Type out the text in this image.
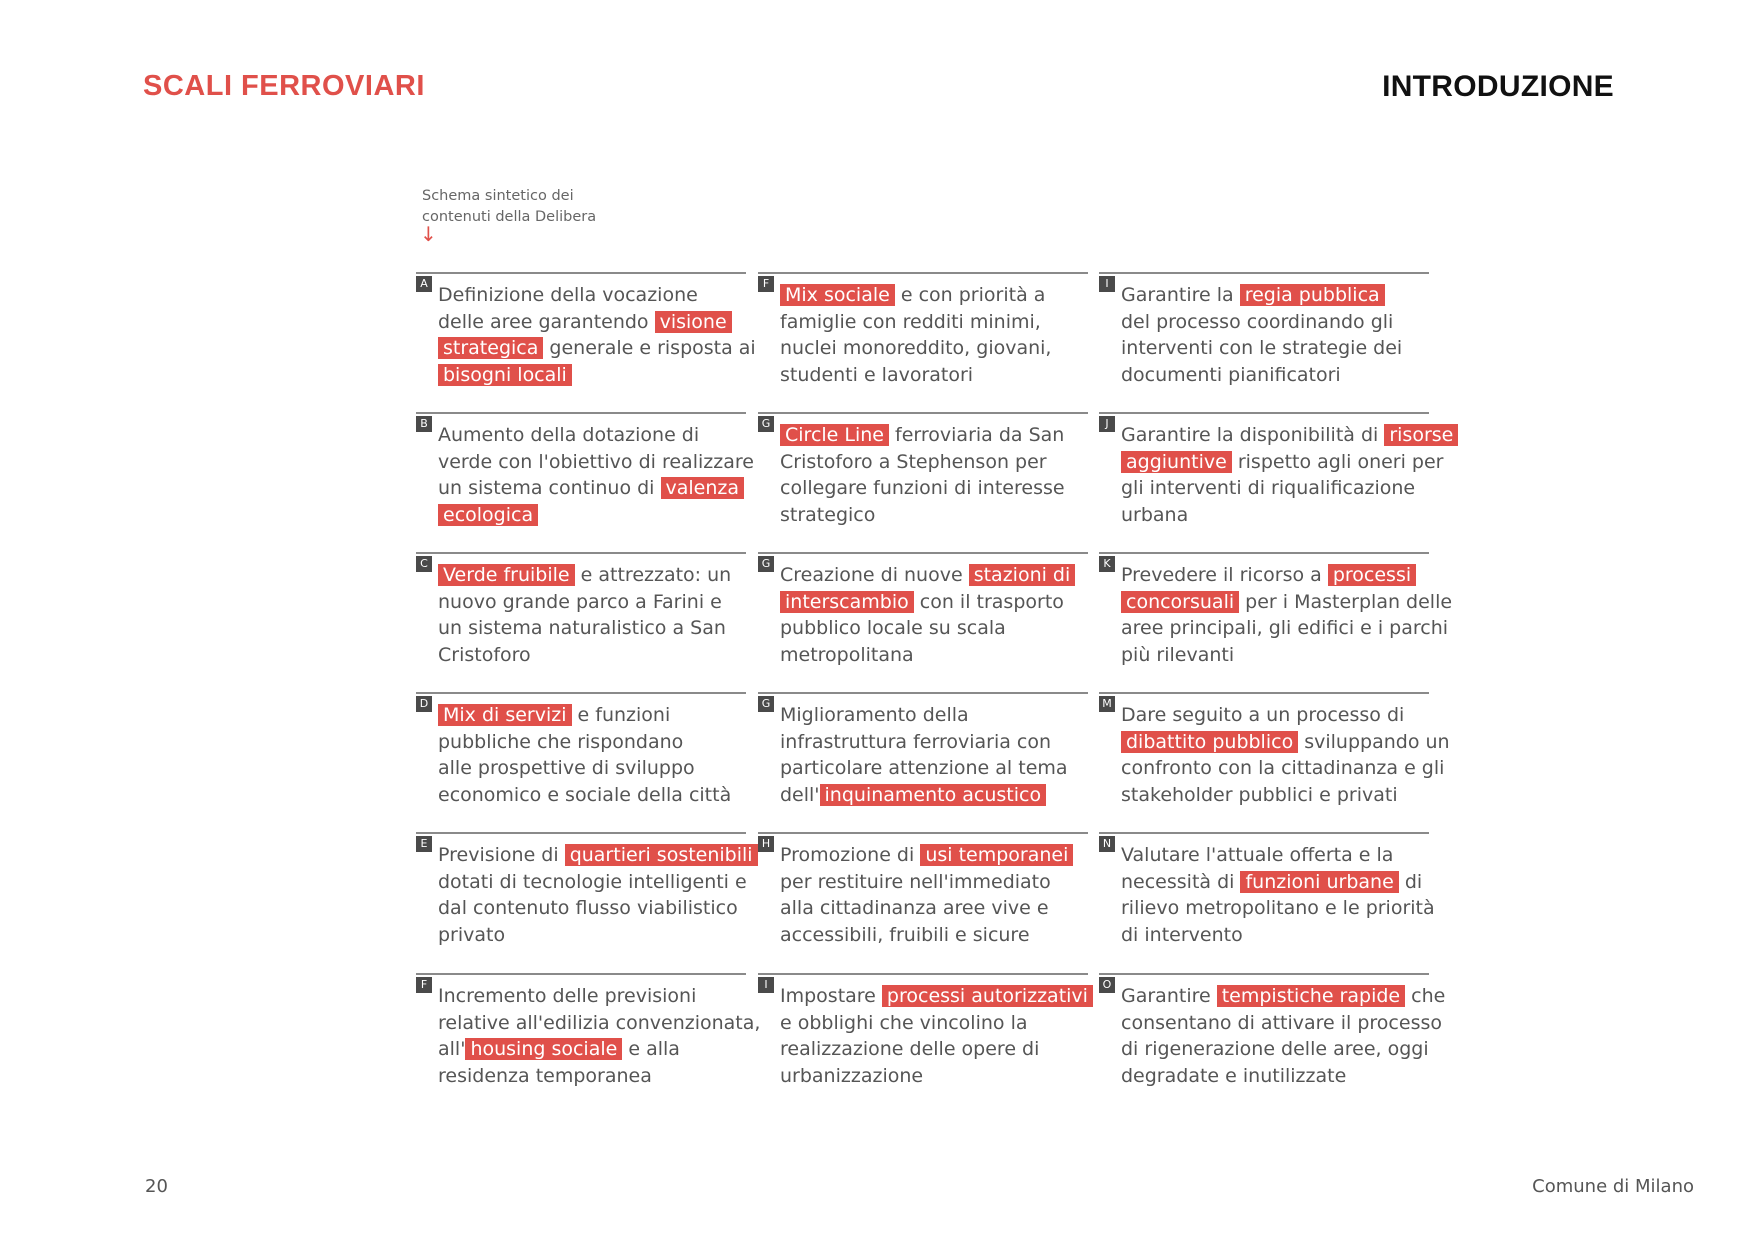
SCALI FERROVIARI	INTRODUZIONE
Schema sintetico dei
contenuti della Delibera
↓
A
Definizione della vocazione
delle aree garantendo visione
strategica generale e risposta ai
bisogni locali
B
Aumento della dotazione di
verde con l'obiettivo di realizzare
un sistema continuo di valenza
ecologica
C
Verde fruibile e attrezzato: un
nuovo grande parco a Farini e
un sistema naturalistico a San
Cristoforo
D
Mix di servizi e funzioni
pubbliche che rispondano
alle prospettive di sviluppo
economico e sociale della città
E
Previsione di quartieri sostenibili
dotati di tecnologie intelligenti e
dal contenuto flusso viabilistico
privato
F
Incremento delle previsioni
relative all'edilizia convenzionata,
all' housing sociale e alla
residenza temporanea
F
Mix sociale e con priorità a
famiglie con redditi minimi,
nuclei monoreddito, giovani,
studenti e lavoratori
G
Circle Line ferroviaria da San
Cristoforo a Stephenson per
collegare funzioni di interesse
strategico
G
Creazione di nuove stazioni di
interscambio con il trasporto
pubblico locale su scala
metropolitana
G
Miglioramento della
infrastruttura ferroviaria con
particolare attenzione al tema
dell' inquinamento acustico
H
Promozione di usi temporanei
per restituire nell'immediato
alla cittadinanza aree vive e
accessibili, fruibili e sicure
I
Impostare processi autorizzativi
e obblighi che vincolino la
realizzazione delle opere di
urbanizzazione
I
Garantire la regia pubblica
del processo coordinando gli
interventi con le strategie dei
documenti pianificatori
J
Garantire la disponibilità di risorse
aggiuntive rispetto agli oneri per
gli interventi di riqualificazione
urbana
K
Prevedere il ricorso a processi
concorsuali per i Masterplan delle
aree principali, gli edifici e i parchi
più rilevanti
M
Dare seguito a un processo di
dibattito pubblico sviluppando un
confronto con la cittadinanza e gli
stakeholder pubblici e privati
N
Valutare l'attuale offerta e la
necessità di funzioni urbane di
rilievo metropolitano e le priorità
di intervento
O
Garantire tempistiche rapide che
consentano di attivare il processo
di rigenerazione delle aree, oggi
degradate e inutilizzate
20	Comune di Milano
